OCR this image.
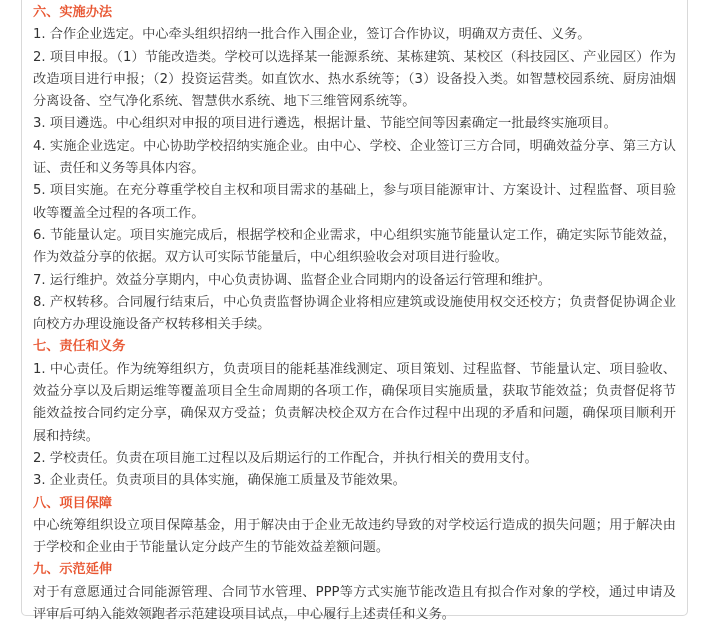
六、实施办法

1. 合作企业选定。中心牵头组织招纳一批合作入围企业，签订合作协议，明确双方责任、义务。

2. 项目申报。（1）节能改造类。学校可以选择某一能源系统、某栋建筑、某校区（科技园区、产业园区）作为改造项目进行申报；（2）投资运营类。如直饮水、热水系统等；（3）设备投入类。如智慧校园系统、厨房油烟分离设备、空气净化系统、智慧供水系统、地下三维管网系统等。

3. 项目遴选。中心组织对申报的项目进行遴选，根据计量、节能空间等因素确定一批最终实施项目。

4. 实施企业选定。中心协助学校招纳实施企业。由中心、学校、企业签订三方合同，明确效益分享、第三方认证、责任和义务等具体内容。

5. 项目实施。在充分尊重学校自主权和项目需求的基础上，参与项目能源审计、方案设计、过程监督、项目验收等覆盖全过程的各项工作。

6. 节能量认定。项目实施完成后，根据学校和企业需求，中心组织实施节能量认定工作，确定实际节能效益，作为效益分享的依据。双方认可实际节能量后，中心组织验收会对项目进行验收。

7. 运行维护。效益分享期内，中心负责协调、监督企业合同期内的设备运行管理和维护。

8. 产权转移。合同履行结束后，中心负责监督协调企业将相应建筑或设施使用权交还校方；负责督促协调企业向校方办理设施设备产权转移相关手续。

七、责任和义务

1. 中心责任。作为统筹组织方，负责项目的能耗基准线测定、项目策划、过程监督、节能量认定、项目验收、效益分享以及后期运维等覆盖项目全生命周期的各项工作，确保项目实施质量，获取节能效益；负责督促将节能效益按合同约定分享，确保双方受益；负责解决校企双方在合作过程中出现的矛盾和问题，确保项目顺利开展和持续。

2. 学校责任。负责在项目施工过程以及后期运行的工作配合，并执行相关的费用支付。

3. 企业责任。负责项目的具体实施，确保施工质量及节能效果。

八、项目保障

中心统筹组织设立项目保障基金，用于解决由于企业无故违约导致的对学校运行造成的损失问题；用于解决由于学校和企业由于节能量认定分歧产生的节能效益差额问题。

九、示范延伸

对于有意愿通过合同能源管理、合同节水管理、PPP等方式实施节能改造且有拟合作对象的学校，通过申请及评审后可纳入能效领跑者示范建设项目试点，中心履行上述责任和义务。
